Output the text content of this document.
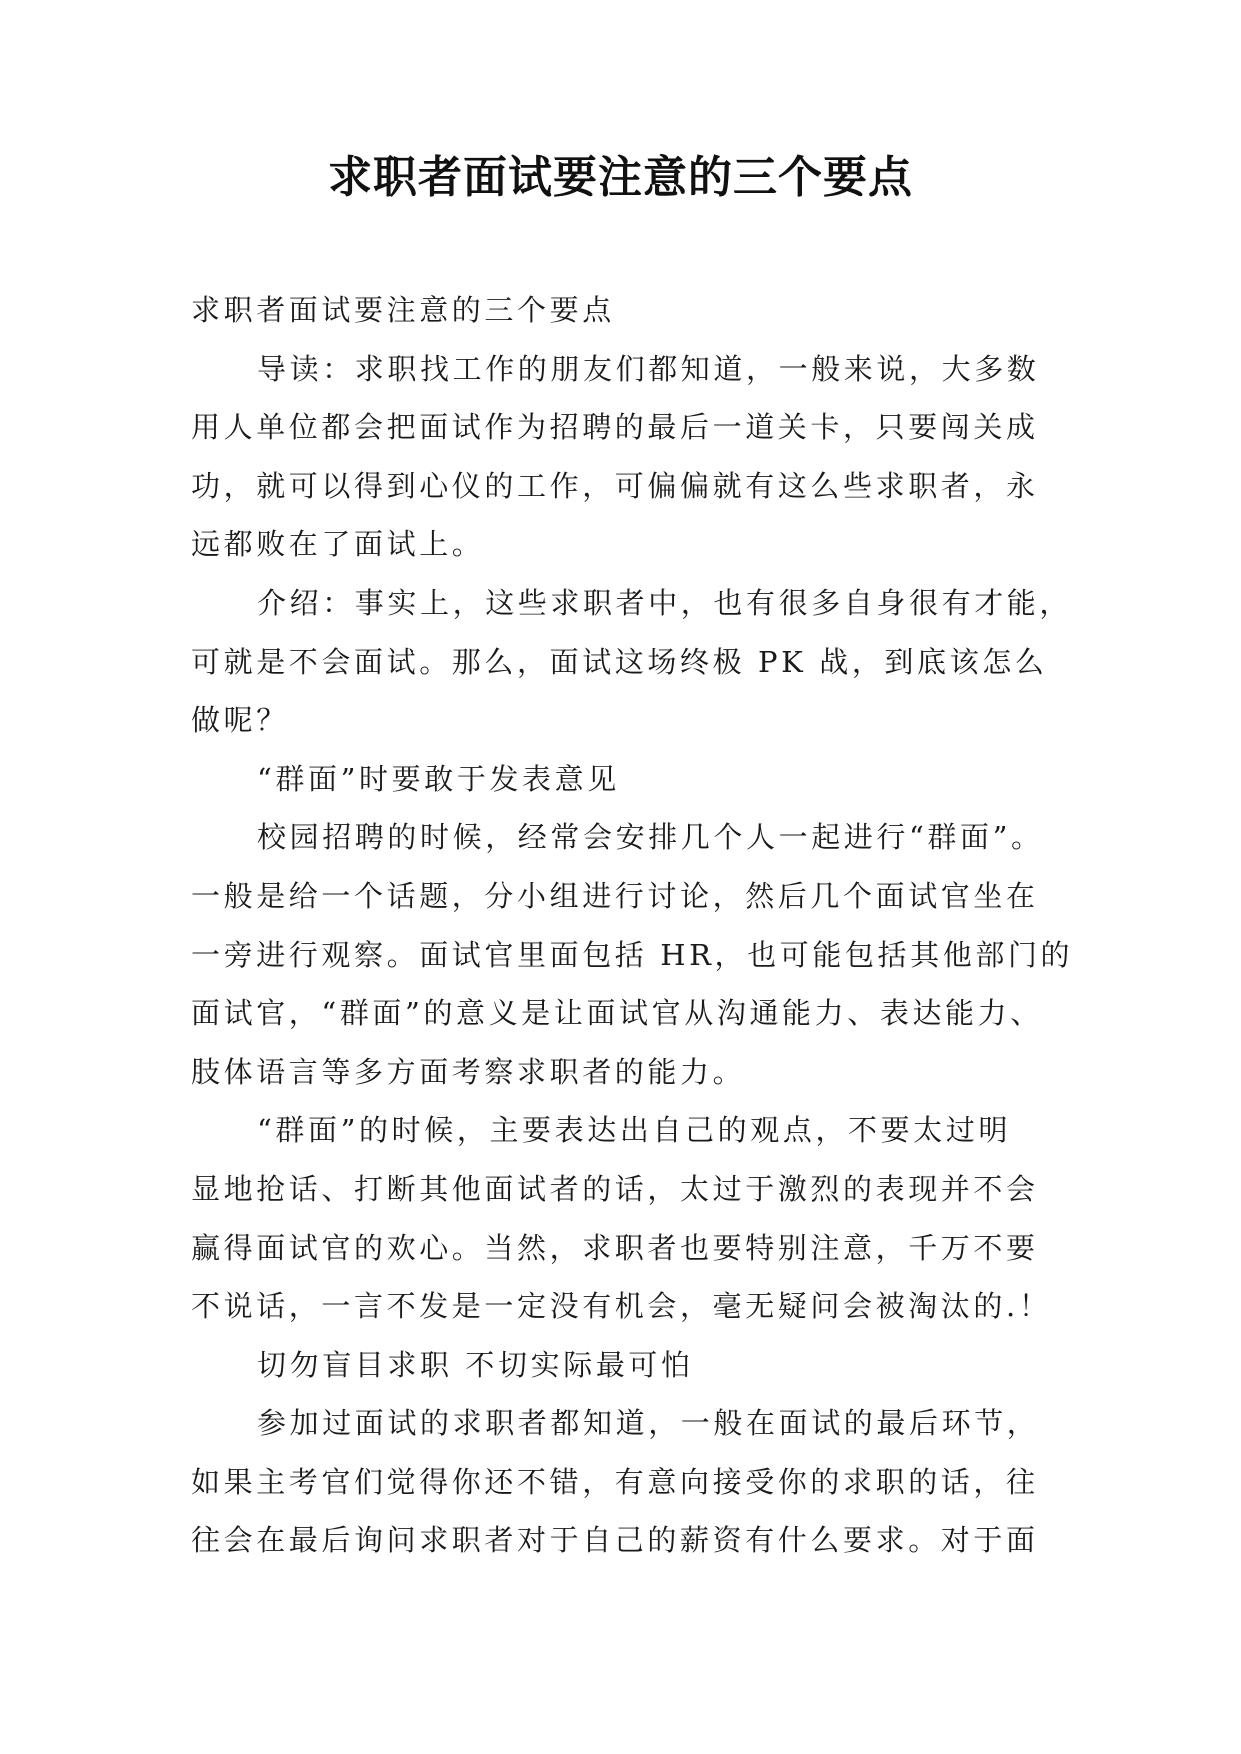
求职者面试要注意的三个要点
求职者面试要注意的三个要点
导读：求职找工作的朋友们都知道，一般来说，大多数
用人单位都会把面试作为招聘的最后一道关卡，只要闯关成
功，就可以得到心仪的工作，可偏偏就有这么些求职者，永
远都败在了面试上。
介绍：事实上，这些求职者中，也有很多自身很有才能，
可就是不会面试。那么，面试这场终极 PK 战，到底该怎么
做呢？
“群面”时要敢于发表意见
校园招聘的时候，经常会安排几个人一起进行“群面”。
一般是给一个话题，分小组进行讨论，然后几个面试官坐在
一旁进行观察。面试官里面包括 HR，也可能包括其他部门的
面试官，“群面”的意义是让面试官从沟通能力、表达能力、
肢体语言等多方面考察求职者的能力。
“群面”的时候，主要表达出自己的观点，不要太过明
显地抢话、打断其他面试者的话，太过于激烈的表现并不会
赢得面试官的欢心。当然，求职者也要特别注意，千万不要
不说话，一言不发是一定没有机会，毫无疑问会被淘汰的.！
切勿盲目求职 不切实际最可怕
参加过面试的求职者都知道，一般在面试的最后环节，
如果主考官们觉得你还不错，有意向接受你的求职的话，往
往会在最后询问求职者对于自己的薪资有什么要求。对于面
